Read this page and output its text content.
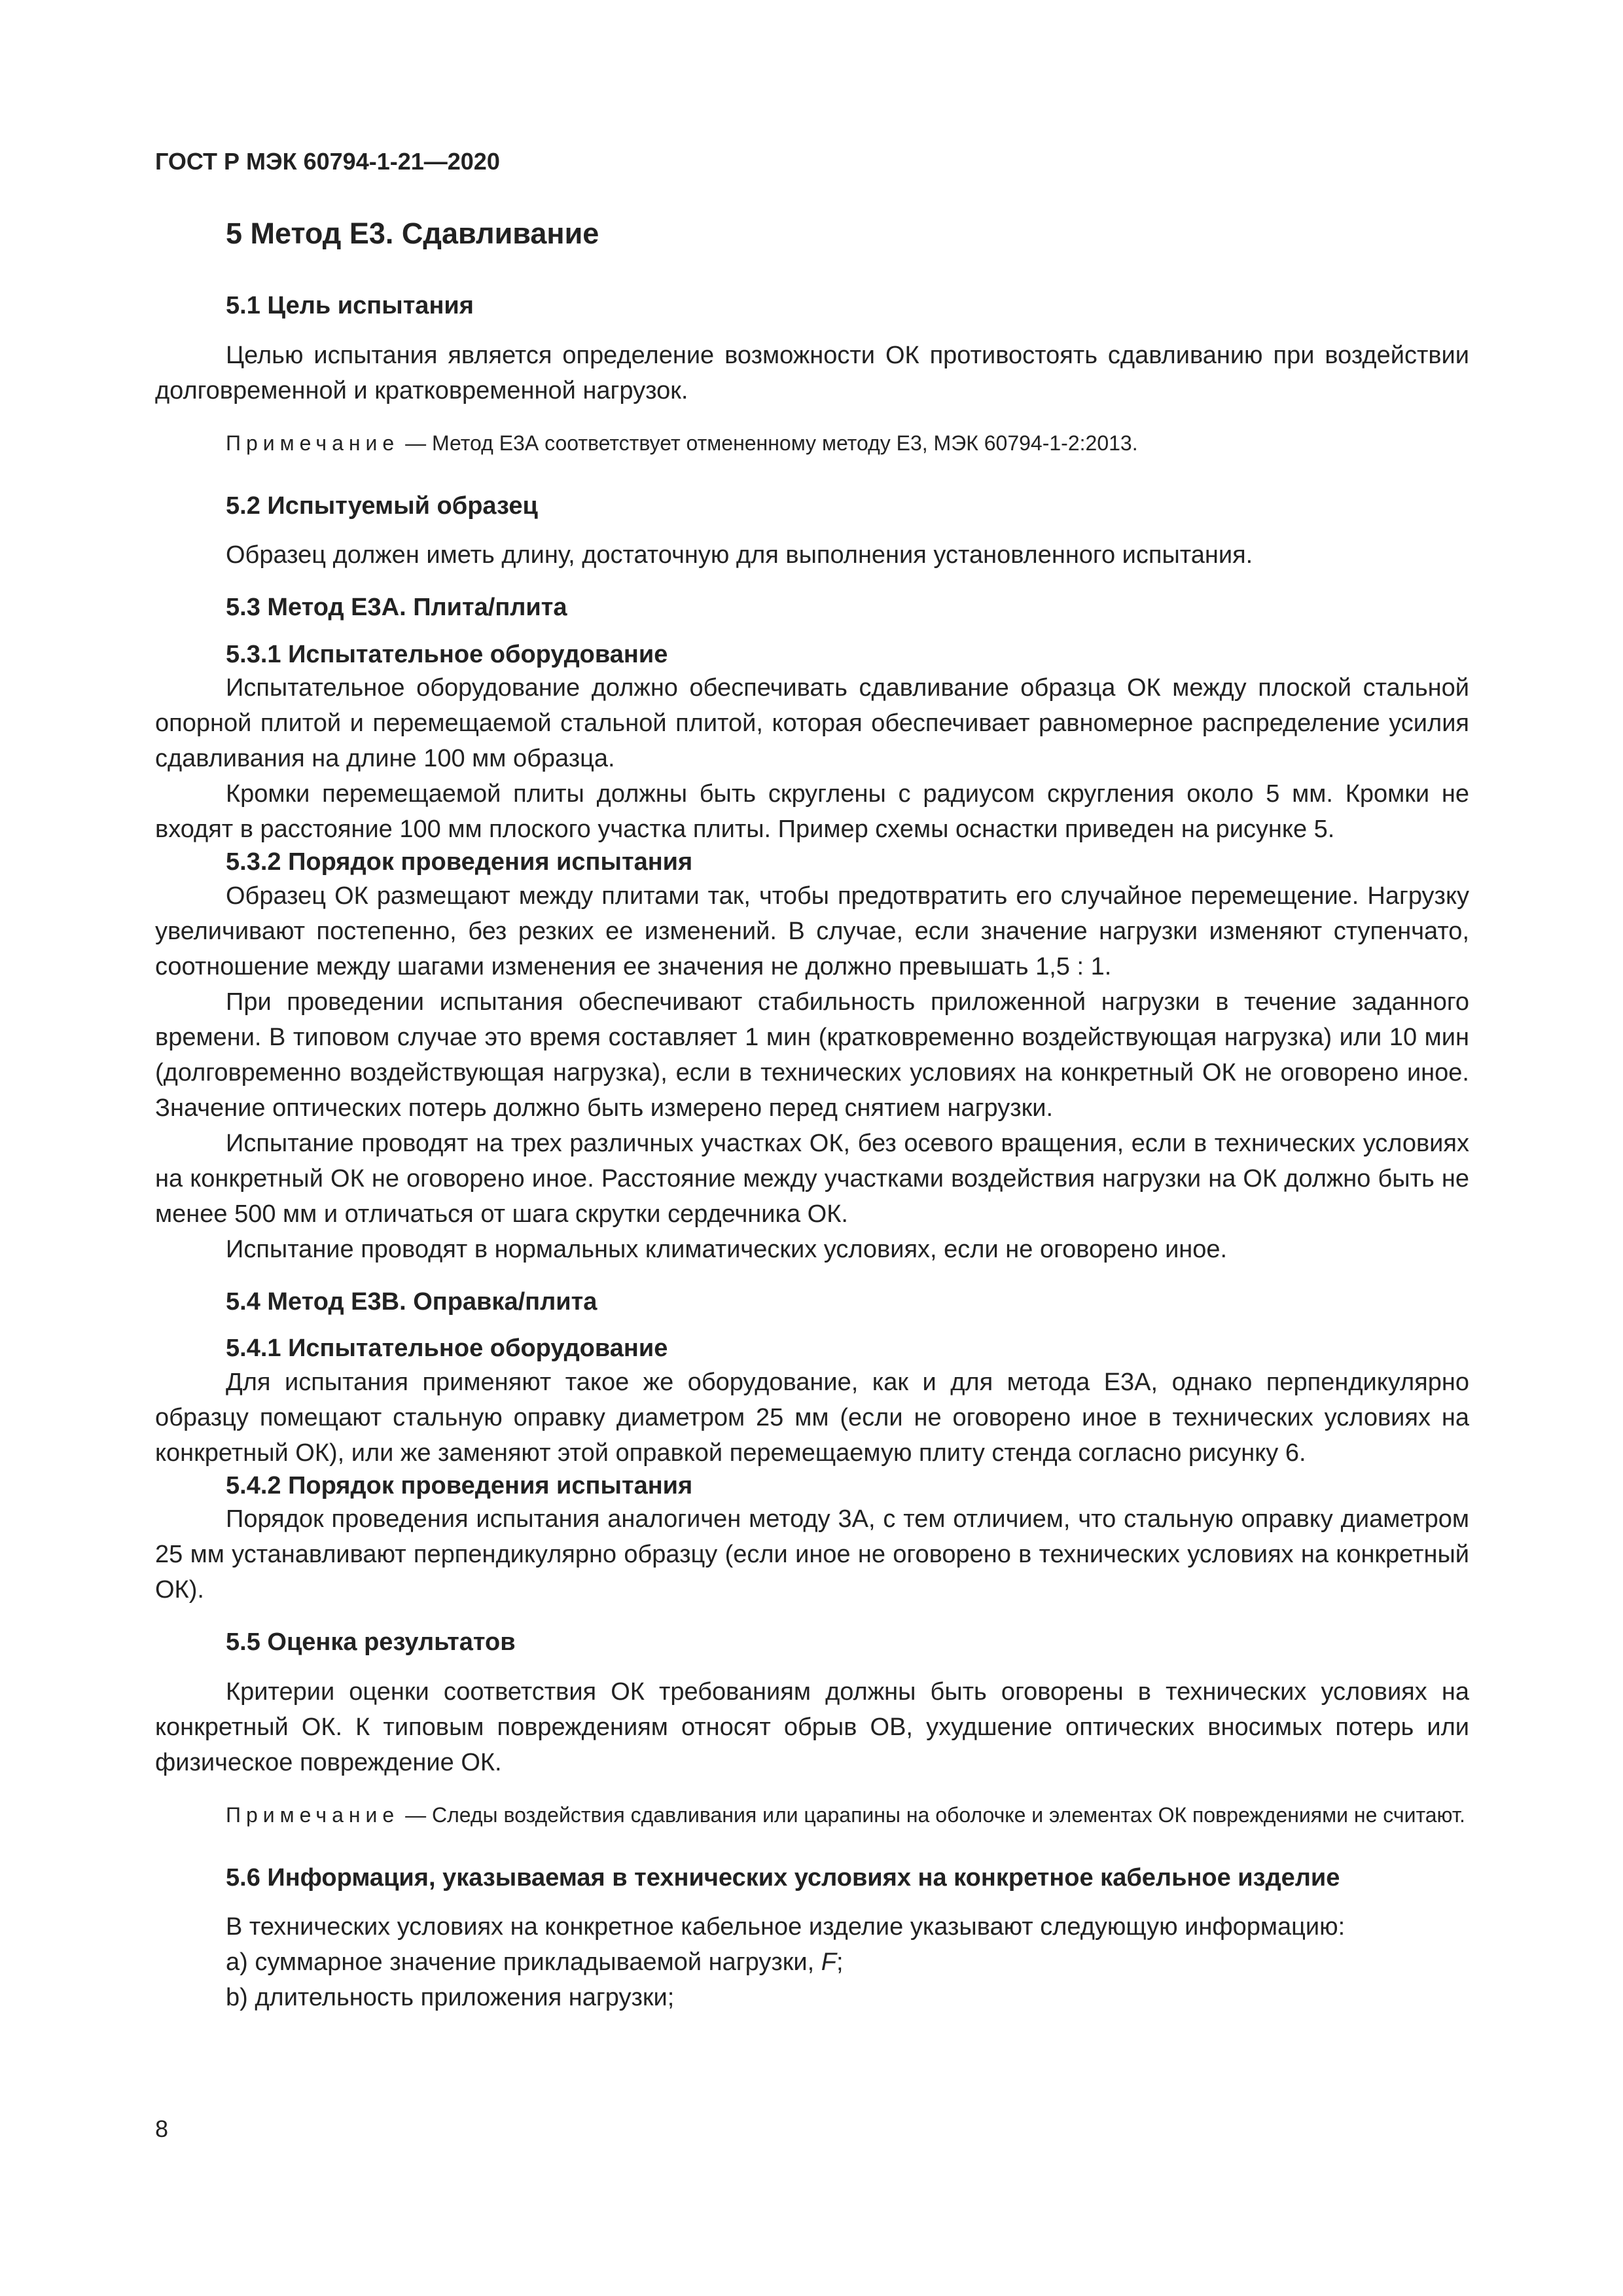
ГОСТ Р МЭК 60794-1-21—2020
5 Метод Е3. Сдавливание
5.1 Цель испытания

Целью испытания является определение возможности ОК противостоять сдавливанию при воздействии долговременной и кратковременной нагрузок.

Примечание — Метод Е3А соответствует отмененному методу Е3, МЭК 60794-1-2:2013.

5.2 Испытуемый образец

Образец должен иметь длину, достаточную для выполнения установленного испытания.

5.3 Метод Е3А. Плита/плита
5.3.1 Испытательное оборудование

Испытательное оборудование должно обеспечивать сдавливание образца ОК между плоской стальной опорной плитой и перемещаемой стальной плитой, которая обеспечивает равномерное распределение усилия сдавливания на длине 100 мм образца.

Кромки перемещаемой плиты должны быть скруглены с радиусом скругления около 5 мм. Кромки не входят в расстояние 100 мм плоского участка плиты. Пример схемы оснастки приведен на рисунке 5.

5.3.2 Порядок проведения испытания

Образец ОК размещают между плитами так, чтобы предотвратить его случайное перемещение. Нагрузку увеличивают постепенно, без резких ее изменений. В случае, если значение нагрузки изменяют ступенчато, соотношение между шагами изменения ее значения не должно превышать 1,5 : 1.

При проведении испытания обеспечивают стабильность приложенной нагрузки в течение заданного времени. В типовом случае это время составляет 1 мин (кратковременно воздействующая нагрузка) или 10 мин (долговременно воздействующая нагрузка), если в технических условиях на конкретный ОК не оговорено иное. Значение оптических потерь должно быть измерено перед снятием нагрузки.

Испытание проводят на трех различных участках ОК, без осевого вращения, если в технических условиях на конкретный ОК не оговорено иное. Расстояние между участками воздействия нагрузки на ОК должно быть не менее 500 мм и отличаться от шага скрутки сердечника ОК.

Испытание проводят в нормальных климатических условиях, если не оговорено иное.

5.4 Метод Е3В. Оправка/плита
5.4.1 Испытательное оборудование

Для испытания применяют такое же оборудование, как и для метода Е3А, однако перпендикулярно образцу помещают стальную оправку диаметром 25 мм (если не оговорено иное в технических условиях на конкретный ОК), или же заменяют этой оправкой перемещаемую плиту стенда согласно рисунку 6.

5.4.2 Порядок проведения испытания

Порядок проведения испытания аналогичен методу 3А, с тем отличием, что стальную оправку диаметром 25 мм устанавливают перпендикулярно образцу (если иное не оговорено в технических условиях на конкретный ОК).

5.5 Оценка результатов

Критерии оценки соответствия ОК требованиям должны быть оговорены в технических условиях на конкретный ОК. К типовым повреждениям относят обрыв ОВ, ухудшение оптических вносимых потерь или физическое повреждение ОК.

Примечание — Следы воздействия сдавливания или царапины на оболочке и элементах ОК повреждениями не считают.

5.6 Информация, указываемая в технических условиях на конкретное кабельное изделие

В технических условиях на конкретное кабельное изделие указывают следующую информацию:

а) суммарное значение прикладываемой нагрузки, F;

b) длительность приложения нагрузки;

8
